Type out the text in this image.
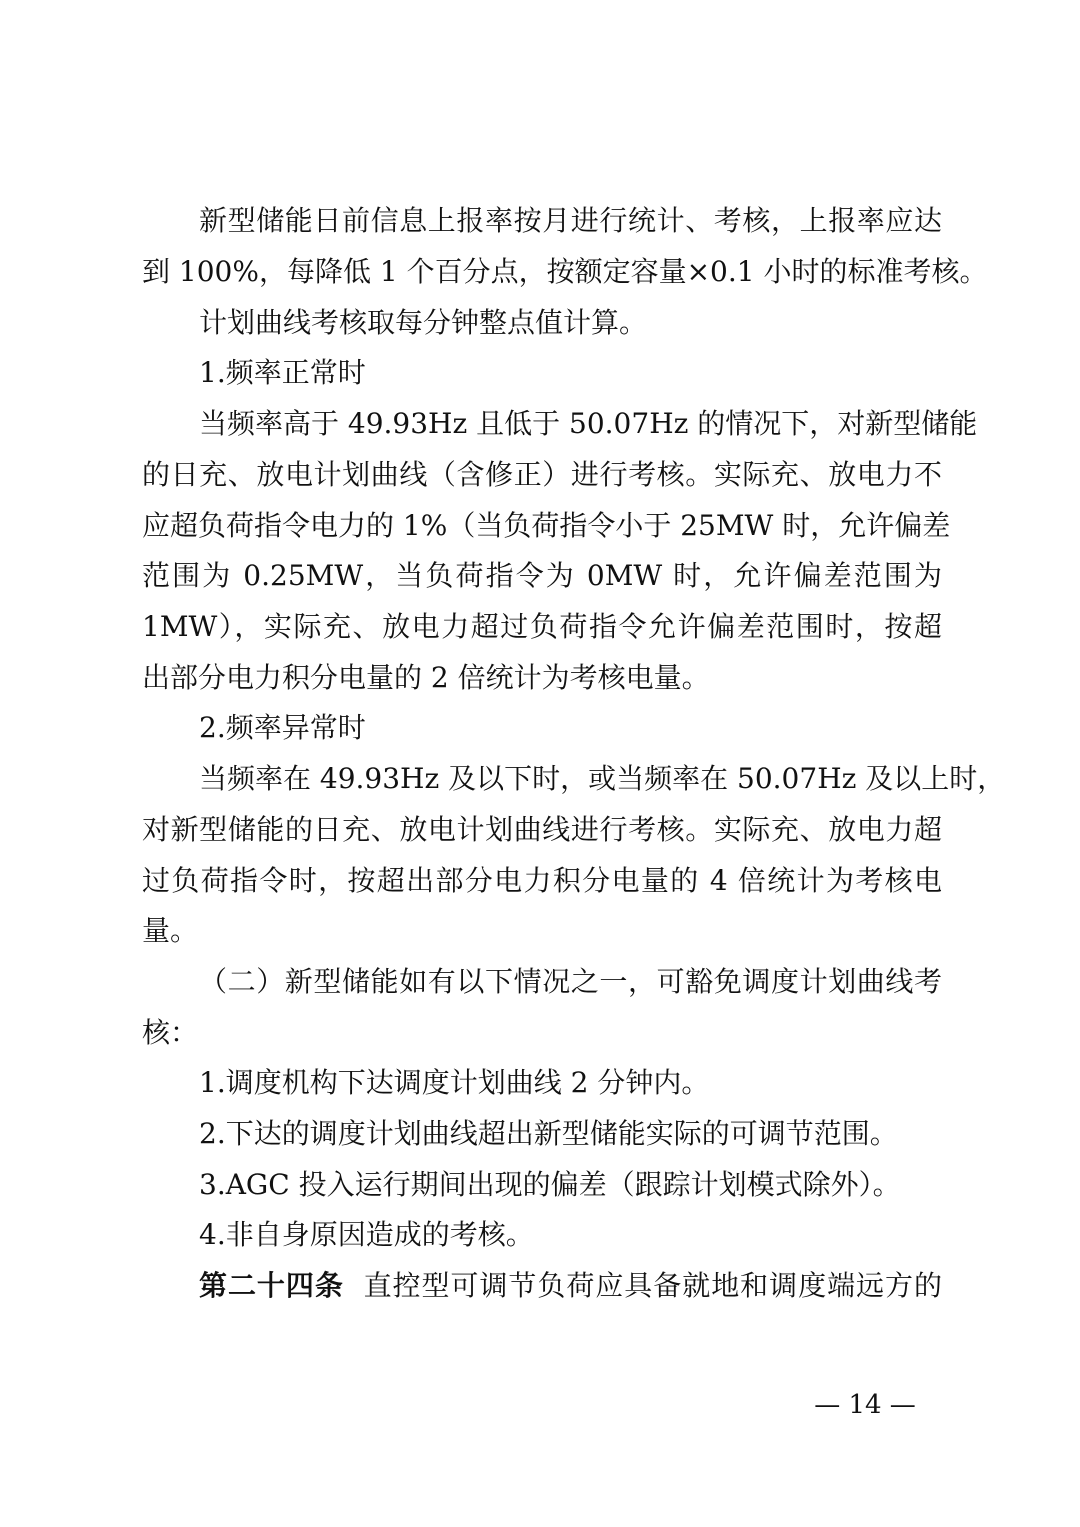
新型储能日前信息上报率按月进行统计、考核，上报率应达
到 100%，每降低 1 个百分点，按额定容量×0.1 小时的标准考核。
计划曲线考核取每分钟整点值计算。
1.频率正常时
当频率高于 49.93Hz 且低于 50.07Hz 的情况下，对新型储能
的日充、放电计划曲线（含修正）进行考核。实际充、放电力不
应超负荷指令电力的 1%（当负荷指令小于 25MW 时，允许偏差
范围为 0.25MW，当负荷指令为 0MW 时，允许偏差范围为
1MW），实际充、放电力超过负荷指令允许偏差范围时，按超
出部分电力积分电量的 2 倍统计为考核电量。
2.频率异常时
当频率在 49.93Hz 及以下时，或当频率在 50.07Hz 及以上时，
对新型储能的日充、放电计划曲线进行考核。实际充、放电力超
过负荷指令时，按超出部分电力积分电量的 4 倍统计为考核电
量。
（二）新型储能如有以下情况之一，可豁免调度计划曲线考
核：
1.调度机构下达调度计划曲线 2 分钟内。
2.下达的调度计划曲线超出新型储能实际的可调节范围。
3.AGC 投入运行期间出现的偏差（跟踪计划模式除外）。
4.非自身原因造成的考核。
第二十四条 直控型可调节负荷应具备就地和调度端远方的
— 14 —
